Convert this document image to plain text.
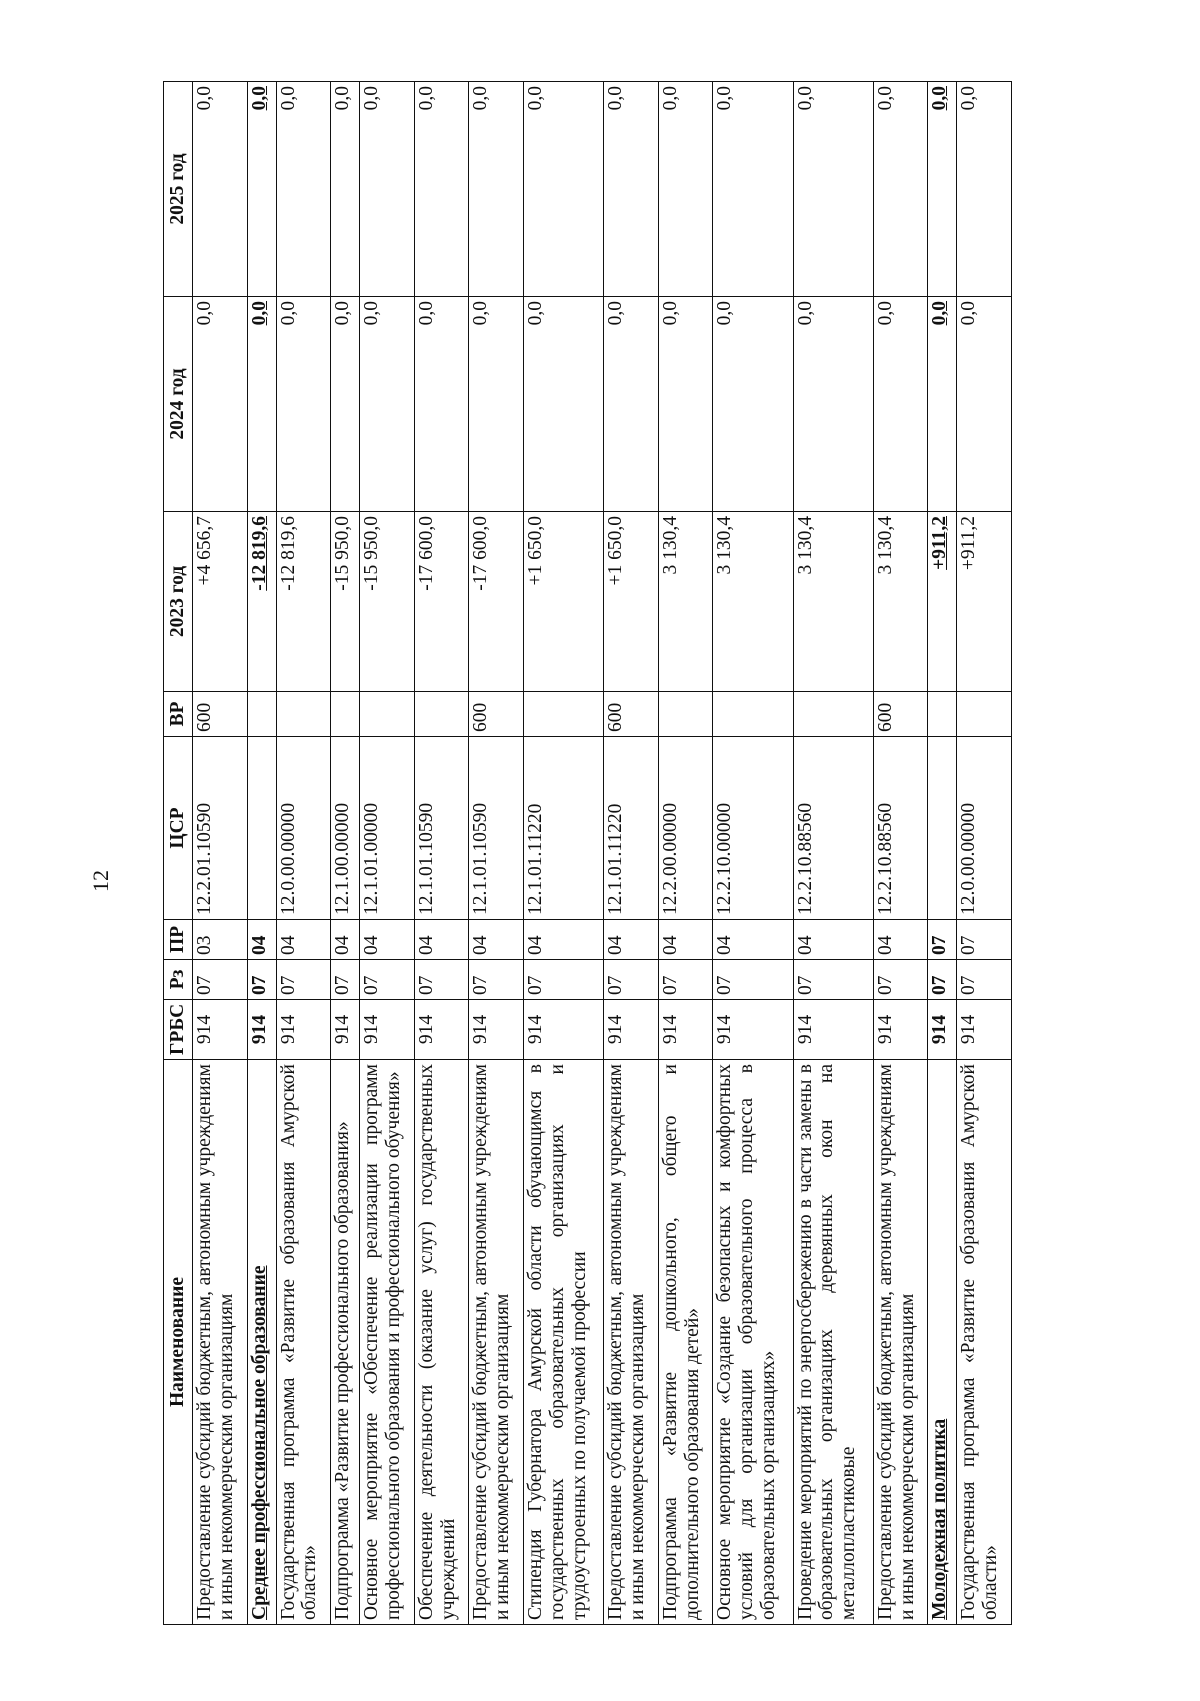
12
Наименование	ГРБС	Рз	ПР	ЦСР	ВР	2023 год	2024 год	2025 год
Предоставление субсидий бюджетным, автономным учреждениям и иным некоммерческим организациям	914	07	03	12.2.01.10590	600	+4 656,7	0,0	0,0
Среднее профессиональное образование	914	07	04			-12 819,6	0,0	0,0
Государственная программа «Развитие образования Амурской области»	914	07	04	12.0.00.00000		-12 819,6	0,0	0,0
Подпрограмма «Развитие профессионального образования»	914	07	04	12.1.00.00000		-15 950,0	0,0	0,0
Основное мероприятие «Обеспечение реализации программ профессионального образования и профессионального обучения»	914	07	04	12.1.01.00000		-15 950,0	0,0	0,0
Обеспечение деятельности (оказание услуг) государственных учреждений	914	07	04	12.1.01.10590		-17 600,0	0,0	0,0
Предоставление субсидий бюджетным, автономным учреждениям и иным некоммерческим организациям	914	07	04	12.1.01.10590	600	-17 600,0	0,0	0,0
Стипендия Губернатора Амурской области обучающимся в государственных образовательных организациях и трудоустроенных по получаемой профессии	914	07	04	12.1.01.11220		+1 650,0	0,0	0,0
Предоставление субсидий бюджетным, автономным учреждениям и иным некоммерческим организациям	914	07	04	12.1.01.11220	600	+1 650,0	0,0	0,0
Подпрограмма «Развитие дошкольного, общего и дополнительного образования детей»	914	07	04	12.2.00.00000		3 130,4	0,0	0,0
Основное мероприятие «Создание безопасных и комфортных условий для организации образовательного процесса в образовательных организациях»	914	07	04	12.2.10.00000		3 130,4	0,0	0,0
Проведение мероприятий по энергосбережению в части замены в образовательных организациях деревянных окон на металлопластиковые	914	07	04	12.2.10.88560		3 130,4	0,0	0,0
Предоставление субсидий бюджетным, автономным учреждениям и иным некоммерческим организациям	914	07	04	12.2.10.88560	600	3 130,4	0,0	0,0
Молодежная политика	914	07	07			+911,2	0,0	0,0
Государственная программа «Развитие образования Амурской области»	914	07	07	12.0.00.00000		+911,2	0,0	0,0
